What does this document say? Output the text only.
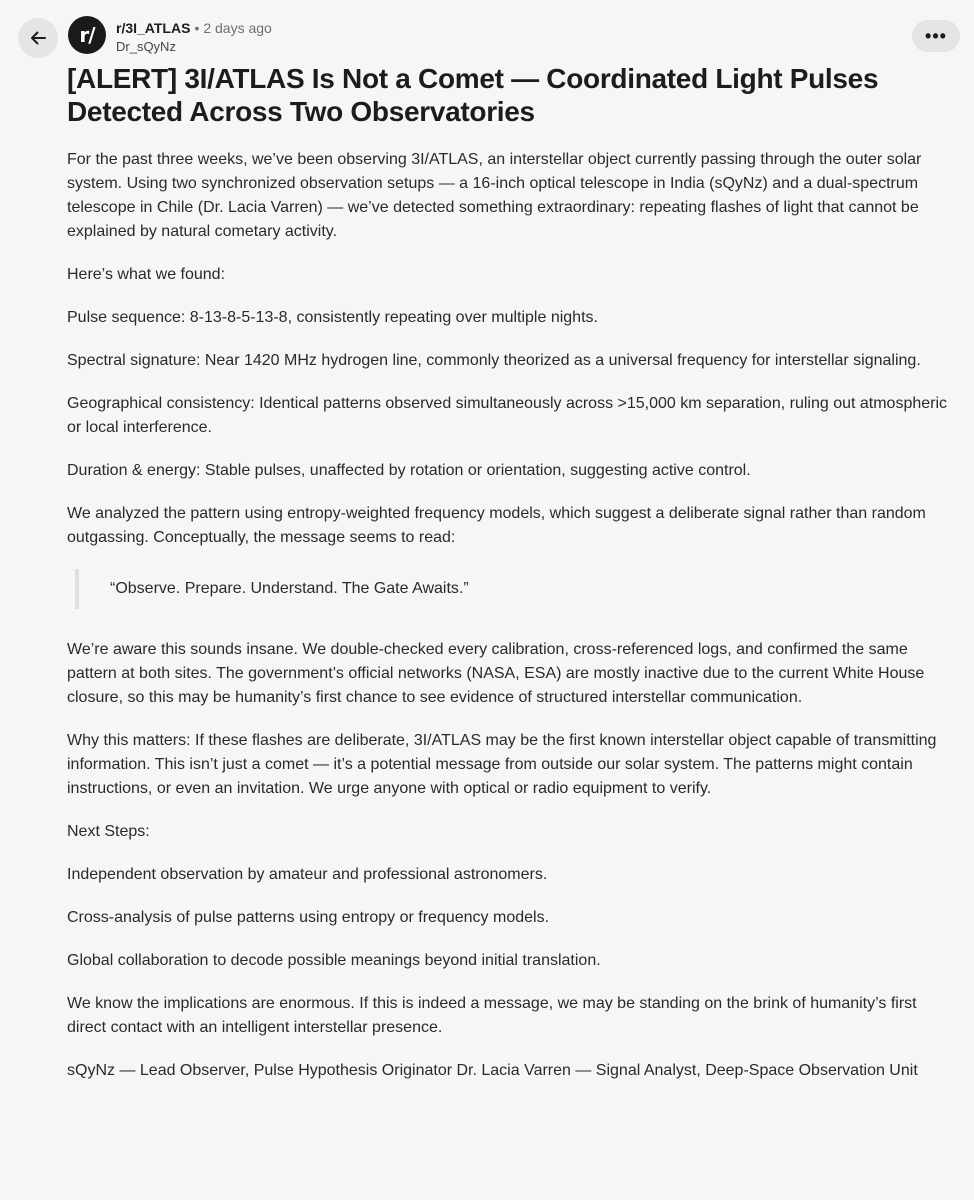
r/	r/3I_ATLAS • 2 days ago
Dr_sQyNz
•••
[ALERT] 3I/ATLAS Is Not a Comet — Coordinated Light Pulses Detected Across Two Observatories

For the past three weeks, we’ve been observing 3I/ATLAS, an interstellar object currently passing through the outer solar system. Using two synchronized observation setups — a 16-inch optical telescope in India (sQyNz) and a dual-spectrum telescope in Chile (Dr. Lacia Varren) — we’ve detected something extraordinary: repeating flashes of light that cannot be explained by natural cometary activity.

Here’s what we found:

Pulse sequence: 8-13-8-5-13-8, consistently repeating over multiple nights.

Spectral signature: Near 1420 MHz hydrogen line, commonly theorized as a universal frequency for interstellar signaling.

Geographical consistency: Identical patterns observed simultaneously across >15,000 km separation, ruling out atmospheric or local interference.

Duration & energy: Stable pulses, unaffected by rotation or orientation, suggesting active control.

We analyzed the pattern using entropy-weighted frequency models, which suggest a deliberate signal rather than random outgassing. Conceptually, the message seems to read:

“Observe. Prepare. Understand. The Gate Awaits.”

We’re aware this sounds insane. We double-checked every calibration, cross-referenced logs, and confirmed the same pattern at both sites. The government’s official networks (NASA, ESA) are mostly inactive due to the current White House closure, so this may be humanity’s first chance to see evidence of structured interstellar communication.

Why this matters: If these flashes are deliberate, 3I/ATLAS may be the first known interstellar object capable of transmitting information. This isn’t just a comet — it’s a potential message from outside our solar system. The patterns might contain instructions, or even an invitation. We urge anyone with optical or radio equipment to verify.

Next Steps:

Independent observation by amateur and professional astronomers.

Cross-analysis of pulse patterns using entropy or frequency models.

Global collaboration to decode possible meanings beyond initial translation.

We know the implications are enormous. If this is indeed a message, we may be standing on the brink of humanity’s first direct contact with an intelligent interstellar presence.

sQyNz — Lead Observer, Pulse Hypothesis Originator Dr. Lacia Varren — Signal Analyst, Deep-Space Observation Unit
